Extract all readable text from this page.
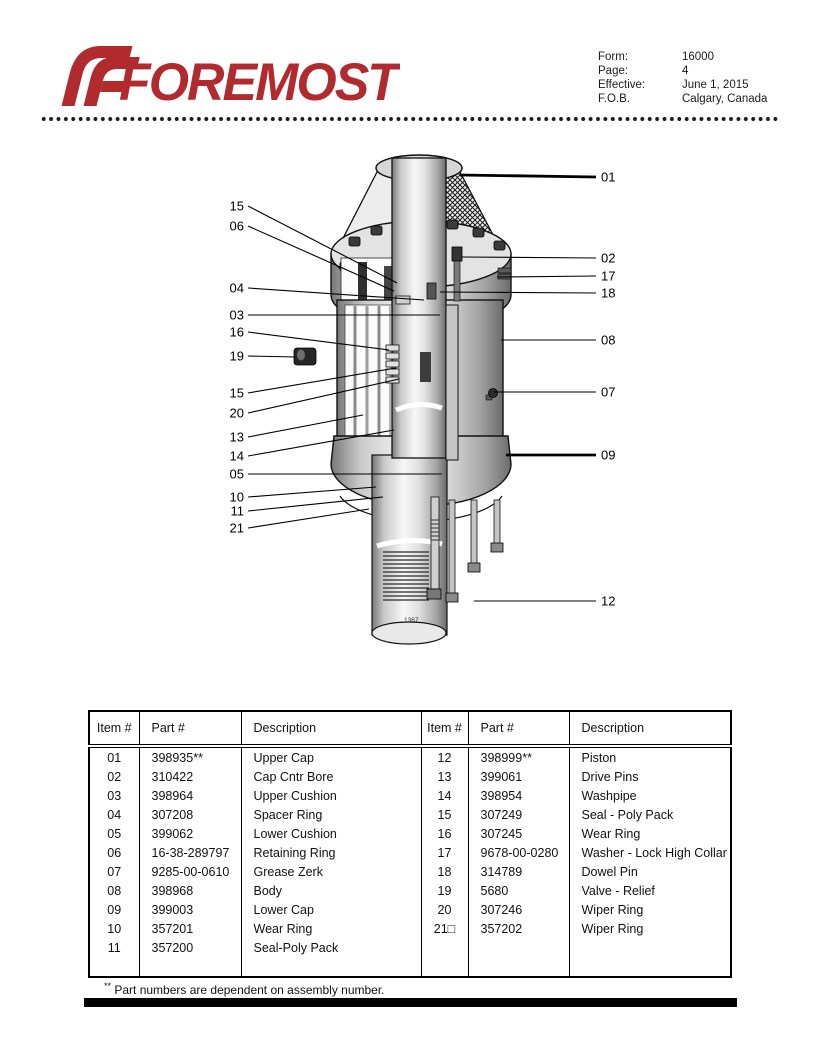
FOREMOST	Form:	16000
Page:	4
Effective:	June 1, 2015
F.O.B.	Calgary, Canada
1367
15
06
04
03
16
19
15
20
13
14
05
10
11
21
01
02
17
18
08
07
09
12
Item #	Part #	Description	Item #	Part #	Description
01	398935**	Upper Cap	12	398999**	Piston
02	310422	Cap Cntr Bore	13	399061	Drive Pins
03	398964	Upper Cushion	14	398954	Washpipe
04	307208	Spacer Ring	15	307249	Seal - Poly Pack
05	399062	Lower Cushion	16	307245	Wear Ring
06	16-38-289797	Retaining Ring	17	9678-00-0280	Washer - Lock High Collar
07	9285-00-0610	Grease Zerk	18	314789	Dowel Pin
08	398968	Body	19	5680	Valve - Relief
09	399003	Lower Cap	20	307246	Wiper Ring
10	357201	Wear Ring	21□	357202	Wiper Ring
11	357200	Seal-Poly Pack			

** Part numbers are dependent on assembly number.
